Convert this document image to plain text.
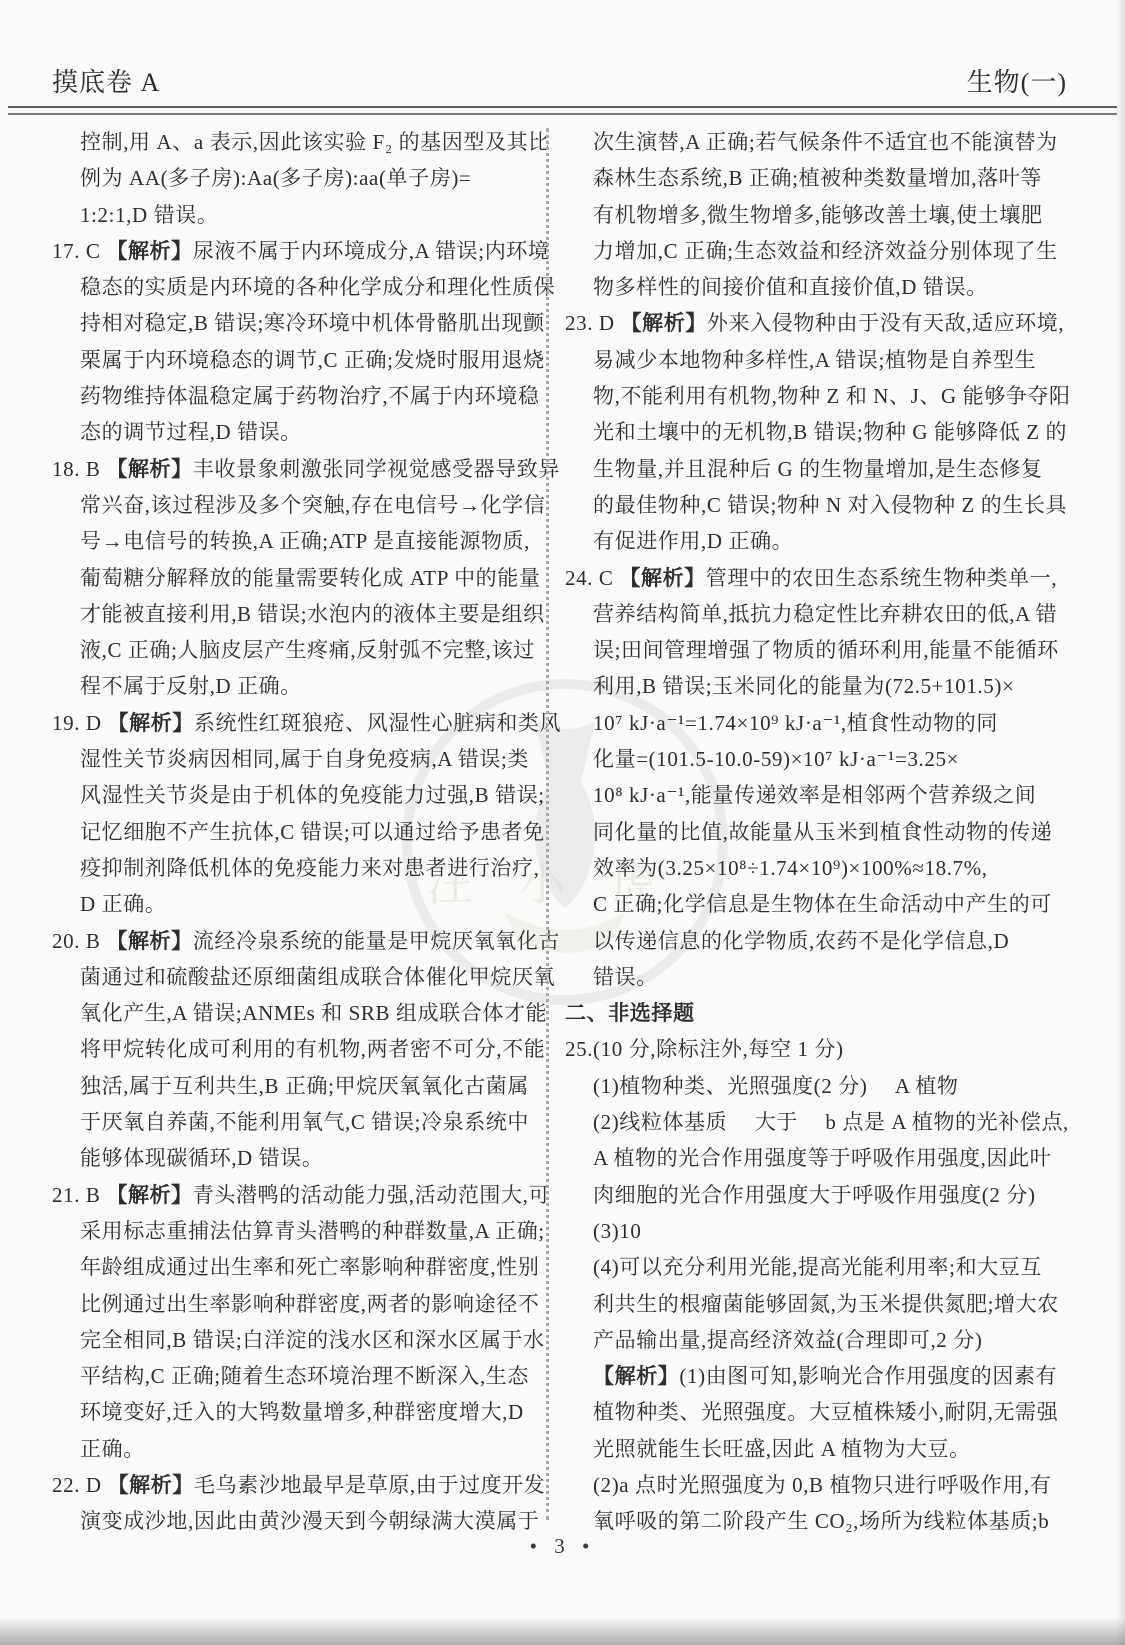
摸底卷 A	生物(一)
汪小虎
控制,用 A、a 表示,因此该实验 F₂ 的基因型及其比
例为 AA(多子房):Aa(多子房):aa(单子房)=
1:2:1,D 错误。
17. C 【解析】尿液不属于内环境成分,A 错误;内环境
稳态的实质是内环境的各种化学成分和理化性质保
持相对稳定,B 错误;寒冷环境中机体骨骼肌出现颤
栗属于内环境稳态的调节,C 正确;发烧时服用退烧
药物维持体温稳定属于药物治疗,不属于内环境稳
态的调节过程,D 错误。
18. B 【解析】丰收景象刺激张同学视觉感受器导致异
常兴奋,该过程涉及多个突触,存在电信号→化学信
号→电信号的转换,A 正确;ATP 是直接能源物质,
葡萄糖分解释放的能量需要转化成 ATP 中的能量
才能被直接利用,B 错误;水泡内的液体主要是组织
液,C 正确;人脑皮层产生疼痛,反射弧不完整,该过
程不属于反射,D 正确。
19. D 【解析】系统性红斑狼疮、风湿性心脏病和类风
湿性关节炎病因相同,属于自身免疫病,A 错误;类
风湿性关节炎是由于机体的免疫能力过强,B 错误;
记忆细胞不产生抗体,C 错误;可以通过给予患者免
疫抑制剂降低机体的免疫能力来对患者进行治疗,
D 正确。
20. B 【解析】流经冷泉系统的能量是甲烷厌氧氧化古
菌通过和硫酸盐还原细菌组成联合体催化甲烷厌氧
氧化产生,A 错误;ANMEs 和 SRB 组成联合体才能
将甲烷转化成可利用的有机物,两者密不可分,不能
独活,属于互利共生,B 正确;甲烷厌氧氧化古菌属
于厌氧自养菌,不能利用氧气,C 错误;冷泉系统中
能够体现碳循环,D 错误。
21. B 【解析】青头潜鸭的活动能力强,活动范围大,可
采用标志重捕法估算青头潜鸭的种群数量,A 正确;
年龄组成通过出生率和死亡率影响种群密度,性别
比例通过出生率影响种群密度,两者的影响途径不
完全相同,B 错误;白洋淀的浅水区和深水区属于水
平结构,C 正确;随着生态环境治理不断深入,生态
环境变好,迁入的大鸨数量增多,种群密度增大,D
正确。
22. D 【解析】毛乌素沙地最早是草原,由于过度开发
演变成沙地,因此由黄沙漫天到今朝绿满大漠属于
次生演替,A 正确;若气候条件不适宜也不能演替为
森林生态系统,B 正确;植被种类数量增加,落叶等
有机物增多,微生物增多,能够改善土壤,使土壤肥
力增加,C 正确;生态效益和经济效益分别体现了生
物多样性的间接价值和直接价值,D 错误。
23. D 【解析】外来入侵物种由于没有天敌,适应环境,
易减少本地物种多样性,A 错误;植物是自养型生
物,不能利用有机物,物种 Z 和 N、J、G 能够争夺阳
光和土壤中的无机物,B 错误;物种 G 能够降低 Z 的
生物量,并且混种后 G 的生物量增加,是生态修复
的最佳物种,C 错误;物种 N 对入侵物种 Z 的生长具
有促进作用,D 正确。
24. C 【解析】管理中的农田生态系统生物种类单一,
营养结构简单,抵抗力稳定性比弃耕农田的低,A 错
误;田间管理增强了物质的循环利用,能量不能循环
利用,B 错误;玉米同化的能量为(72.5+101.5)×
10⁷ kJ·a⁻¹=1.74×10⁹ kJ·a⁻¹,植食性动物的同
化量=(101.5-10.0-59)×10⁷ kJ·a⁻¹=3.25×
10⁸ kJ·a⁻¹,能量传递效率是相邻两个营养级之间
同化量的比值,故能量从玉米到植食性动物的传递
效率为(3.25×10⁸÷1.74×10⁹)×100%≈18.7%,
C 正确;化学信息是生物体在生命活动中产生的可
以传递信息的化学物质,农药不是化学信息,D
错误。
二、非选择题
25.(10 分,除标注外,每空 1 分)
(1)植物种类、光照强度(2 分)　 A 植物
(2)线粒体基质　 大于　 b 点是 A 植物的光补偿点,
A 植物的光合作用强度等于呼吸作用强度,因此叶
肉细胞的光合作用强度大于呼吸作用强度(2 分)
(3)10
(4)可以充分利用光能,提高光能利用率;和大豆互
利共生的根瘤菌能够固氮,为玉米提供氮肥;增大农
产品输出量,提高经济效益(合理即可,2 分)
【解析】(1)由图可知,影响光合作用强度的因素有
植物种类、光照强度。大豆植株矮小,耐阴,无需强
光照就能生长旺盛,因此 A 植物为大豆。
(2)a 点时光照强度为 0,B 植物只进行呼吸作用,有
氧呼吸的第二阶段产生 CO₂,场所为线粒体基质;b
• 3 •
